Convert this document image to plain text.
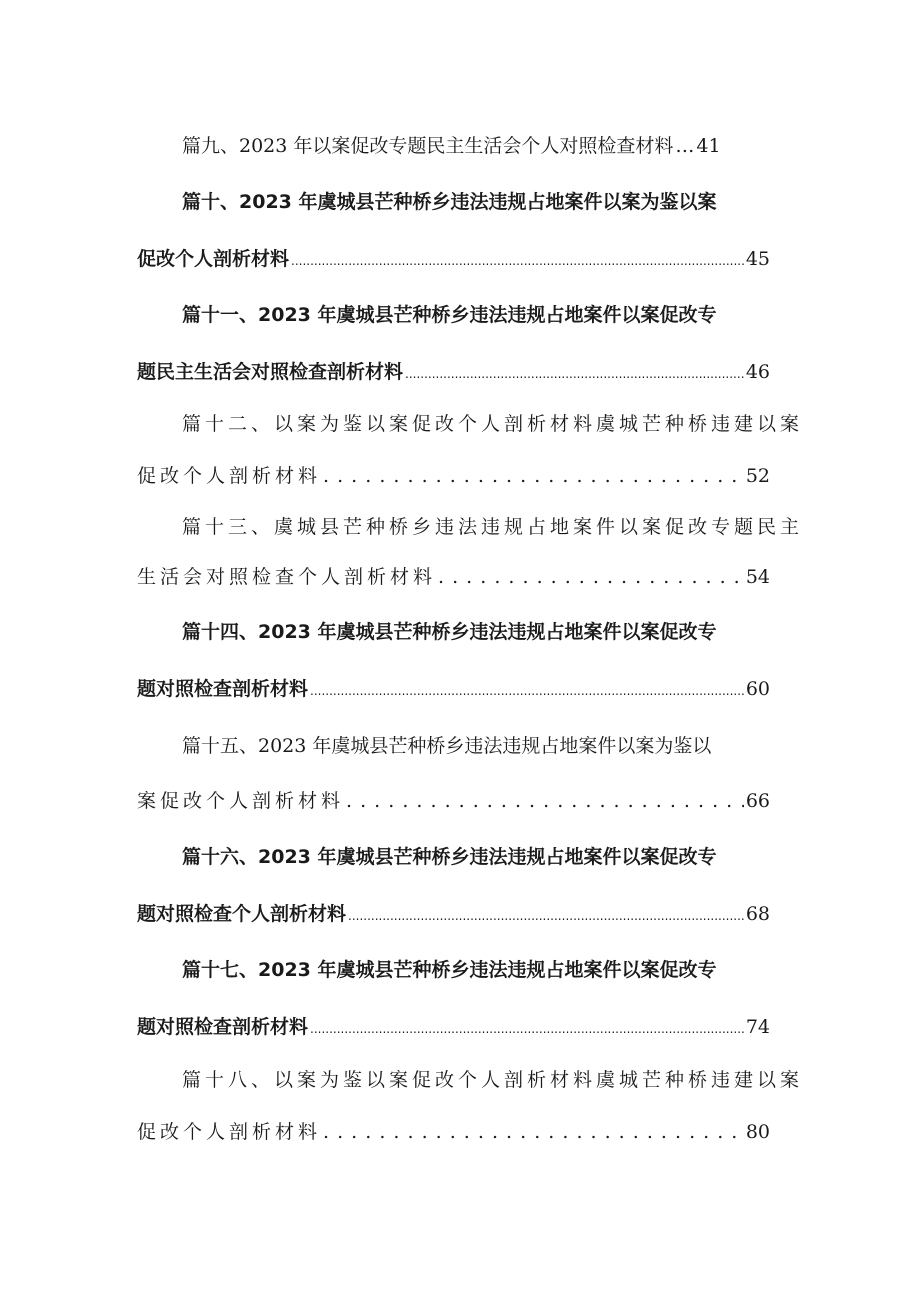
篇九、2023 年以案促改专题民主生活会个人对照检查材料 … 41
篇十、2023 年虞城县芒种桥乡违法违规占地案件以案为鉴以案
促改个人剖析材料 .....	45
篇十一、2023 年虞城县芒种桥乡违法违规占地案件以案促改专
题民主生活会对照检查剖析材料 .....	46
篇十二、以案为鉴以案促改个人剖析材料虞城芒种桥违建以案
促改个人剖析材料 . . .	52
篇十三、虞城县芒种桥乡违法违规占地案件以案促改专题民主
生活会对照检查个人剖析材料 . . .	54
篇十四、2023 年虞城县芒种桥乡违法违规占地案件以案促改专
题对照检查剖析材料 .....	60
篇十五、2023 年虞城县芒种桥乡违法违规占地案件以案为鉴以
案促改个人剖析材料 . . .	66
篇十六、2023 年虞城县芒种桥乡违法违规占地案件以案促改专
题对照检查个人剖析材料 .....	68
篇十七、2023 年虞城县芒种桥乡违法违规占地案件以案促改专
题对照检查剖析材料 .....	74
篇十八、以案为鉴以案促改个人剖析材料虞城芒种桥违建以案
促改个人剖析材料 . . .	80
